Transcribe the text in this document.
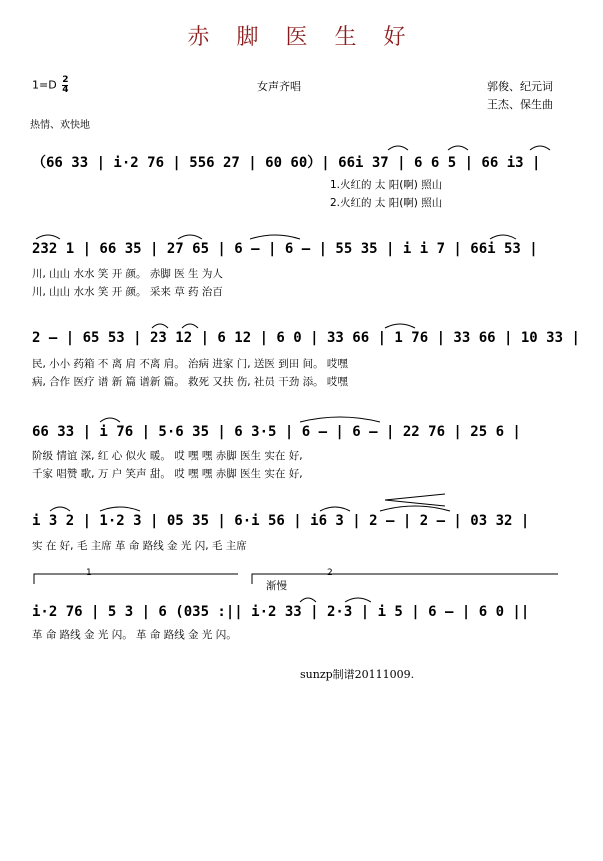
赤 脚 医 生 好
$1=D \frac{2}{4}$	女声齐唱	郭俊、纪元词
王杰、保生曲
热情、欢快地
（66 33 | i·2 76 | 556 27 | 60 60）| 66i 37 | 6 6 5 | 66 i3 |
1.火红的 太 阳(啊) 照山
2.火红的 太 阳(啊) 照山
232 1 | 66 35 | 27 65 | 6 – | 6 – | 55 35 | i i 7 | 66i 53 |
川, 山山 水水 笑 开 颜。 赤脚 医 生 为人
川, 山山 水水 笑 开 颜。 采来 草 药 治百
2 – | 65 53 | 23 12 | 6 12 | 6 0 | 33 66 | 1 76 | 33 66 | 10 33 |
民, 小小 药箱 不 离 肩 不离 肩。 治病 进家 门, 送医 到田 间。 哎嘿
病, 合作 医疗 谱 新 篇 谱新 篇。 救死 又扶 伤, 社员 干劲 添。 哎嘿
66 33 | i 76 | 5·6 35 | 6 3·5 | 6 – | 6 – | 22 76 | 25 6 |
阶级 情谊 深, 红 心 似火 暖。 哎 嘿 嘿 赤脚 医生 实在 好,
千家 唱赞 歌, 万 户 笑声 甜。 哎 嘿 嘿 赤脚 医生 实在 好,
i 3 2 | 1·2 3 | 05 35 | 6·i 56 | i6 3 | 2 – | 2 – | 03 32 |
实 在 好, 毛 主席 革 命 路线 金 光 闪, 毛 主席
1	2
渐慢
i·2 76 | 5 3 | 6 (035 :|| i·2 33 | 2·3 | i 5 | 6 – | 6 0 ||
革 命 路线 金 光 闪。 革 命 路线 金 光 闪。
sunzp制谱20111009.
